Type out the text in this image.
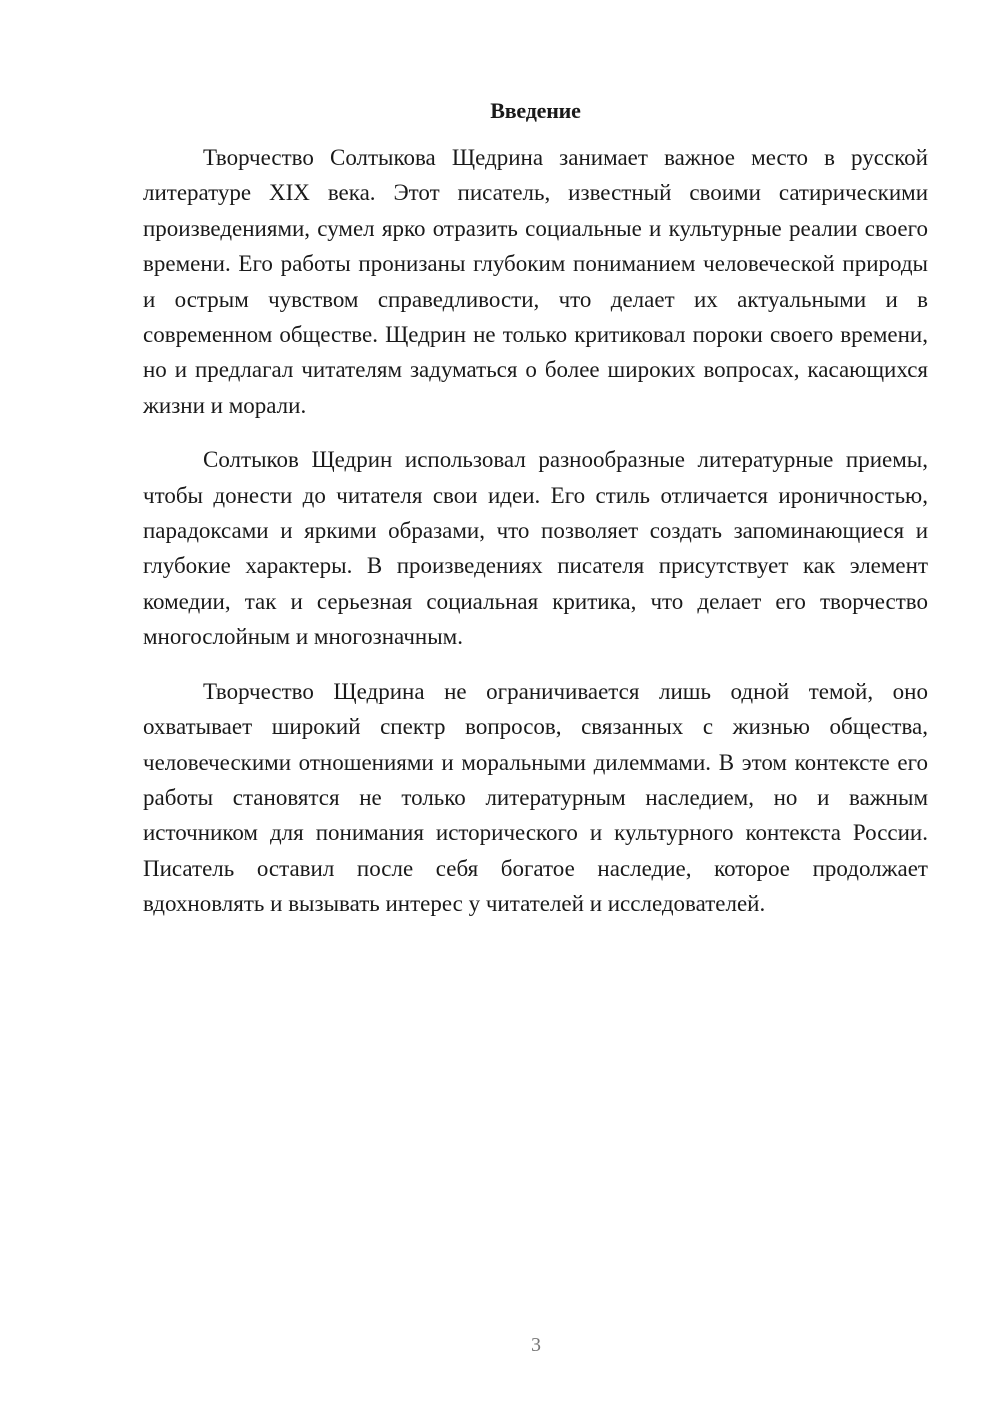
Введение

Творчество Солтыкова Щедрина занимает важное место в русской литературе XIX века. Этот писатель, известный своими сатирическими произведениями, сумел ярко отразить социальные и культурные реалии своего времени. Его работы пронизаны глубоким пониманием человеческой природы и острым чувством справедливости, что делает их актуальными и в современном обществе. Щедрин не только критиковал пороки своего времени, но и предлагал читателям задуматься о более широких вопросах, касающихся жизни и морали.

Солтыков Щедрин использовал разнообразные литературные приемы, чтобы донести до читателя свои идеи. Его стиль отличается ироничностью, парадоксами и яркими образами, что позволяет создать запоминающиеся и глубокие характеры. В произведениях писателя присутствует как элемент комедии, так и серьезная социальная критика, что делает его творчество многослойным и многозначным.

Творчество Щедрина не ограничивается лишь одной темой, оно охватывает широкий спектр вопросов, связанных с жизнью общества, человеческими отношениями и моральными дилеммами. В этом контексте его работы становятся не только литературным наследием, но и важным источником для понимания исторического и культурного контекста России. Писатель оставил после себя богатое наследие, которое продолжает вдохновлять и вызывать интерес у читателей и исследователей.

3
